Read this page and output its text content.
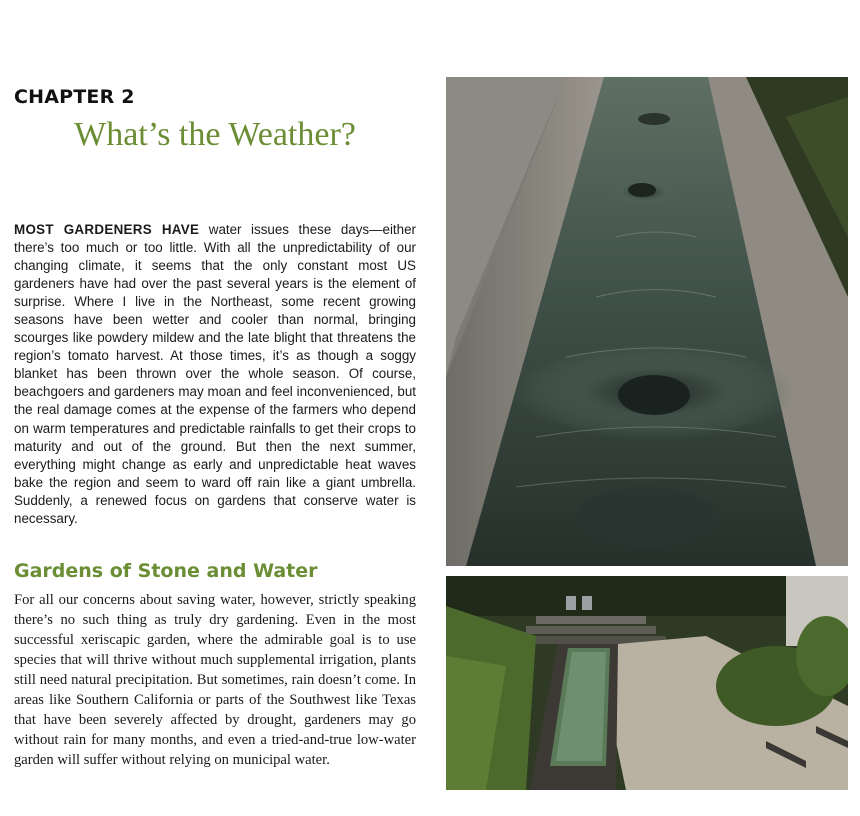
CHAPTER 2
What’s the Weather?

MOST GARDENERS HAVE water issues these days—either there’s too much or too little. With all the unpredictability of our changing climate, it seems that the only constant most US gardeners have had over the past several years is the element of surprise. Where I live in the Northeast, some recent growing seasons have been wetter and cooler than normal, bringing scourges like powdery mildew and the late blight that threatens the region’s tomato harvest. At those times, it’s as though a soggy blanket has been thrown over the whole season. Of course, beachgoers and gardeners may moan and feel inconvenienced, but the real damage comes at the expense of the farmers who depend on warm temperatures and predictable rainfalls to get their crops to maturity and out of the ground. But then the next summer, everything might change as early and unpredictable heat waves bake the region and seem to ward off rain like a giant umbrella. Suddenly, a renewed focus on gardens that conserve water is necessary.

Gardens of Stone and Water

For all our concerns about saving water, however, strictly speaking there’s no such thing as truly dry gardening. Even in the most successful xeriscapic garden, where the admirable goal is to use species that will thrive without much supplemental irrigation, plants still need natural precipitation. But sometimes, rain doesn’t come. In areas like Southern California or parts of the Southwest like Texas that have been severely affected by drought, gardeners may go without rain for many months, and even a tried-and-true low-water garden will suffer without relying on municipal water.
